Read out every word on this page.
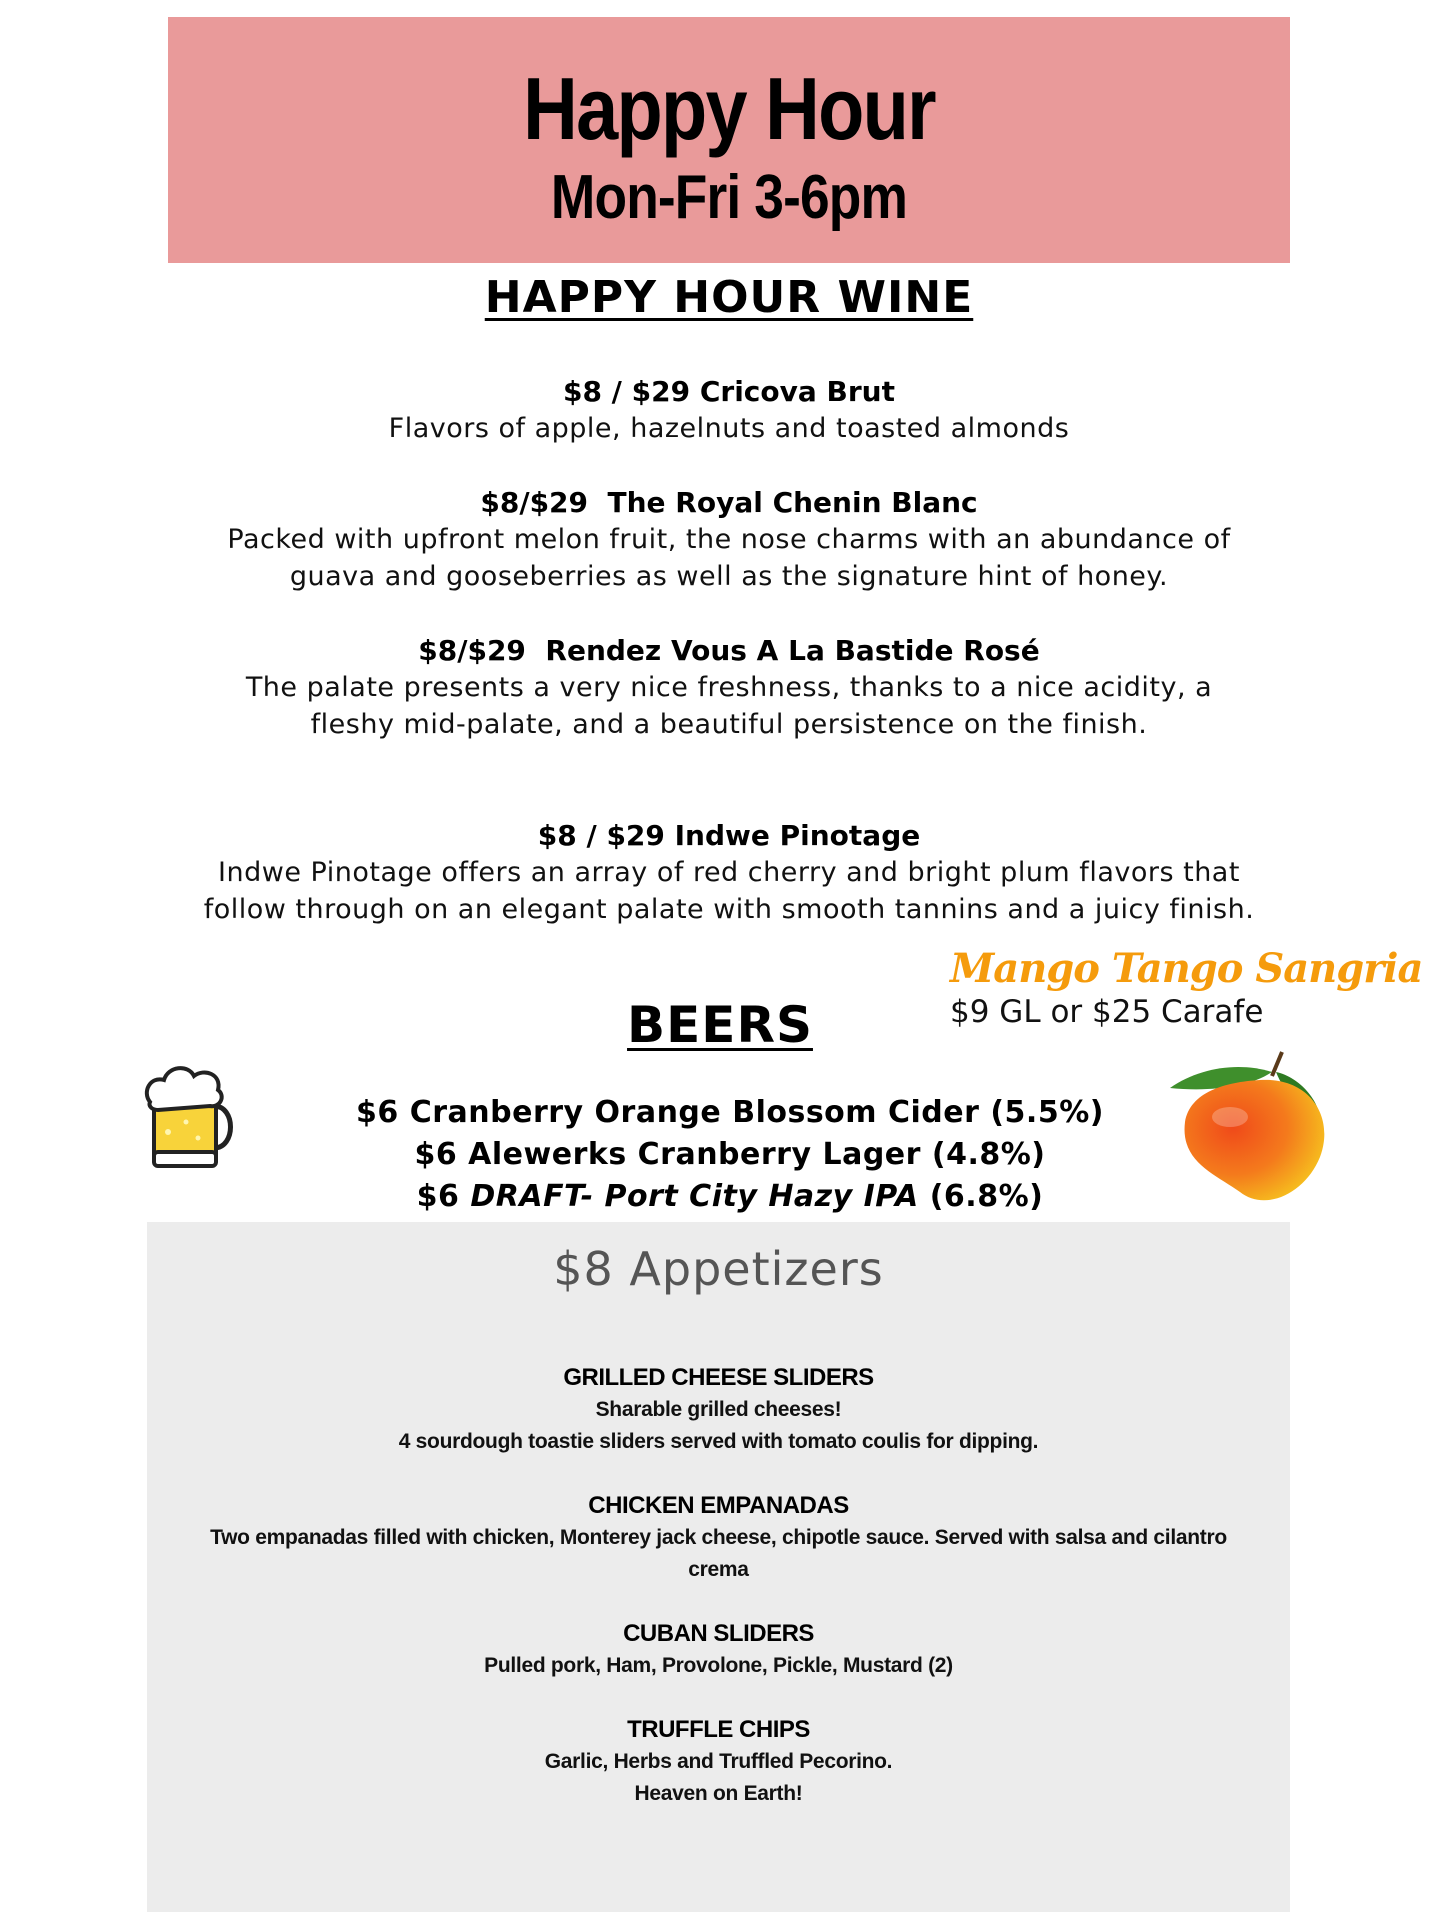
Happy Hour
Mon-Fri 3-6pm
HAPPY HOUR WINE
$8 / $29 Cricova Brut
Flavors of apple, hazelnuts and toasted almonds
$8/$29  The Royal Chenin Blanc
Packed with upfront melon fruit, the nose charms with an abundance of guava and gooseberries as well as the signature hint of honey.
$8/$29  Rendez Vous A La Bastide Rosé
The palate presents a very nice freshness, thanks to a nice acidity, a fleshy mid-palate, and a beautiful persistence on the finish.
$8 / $29 Indwe Pinotage
Indwe Pinotage offers an array of red cherry and bright plum flavors that follow through on an elegant palate with smooth tannins and a juicy finish.
Mango Tango Sangria
$9 GL or $25 Carafe
BEERS
$6 Cranberry Orange Blossom Cider (5.5%)
$6 Alewerks Cranberry Lager (4.8%)
$6 DRAFT- Port City Hazy IPA (6.8%)
$8 Appetizers
GRILLED CHEESE SLIDERS
Sharable grilled cheeses!
4 sourdough toastie sliders served with tomato coulis for dipping.
CHICKEN EMPANADAS
Two empanadas filled with chicken, Monterey jack cheese, chipotle sauce. Served with salsa and cilantro crema
CUBAN SLIDERS
Pulled pork, Ham, Provolone, Pickle, Mustard (2)
TRUFFLE CHIPS
Garlic, Herbs and Truffled Pecorino.
Heaven on Earth!
